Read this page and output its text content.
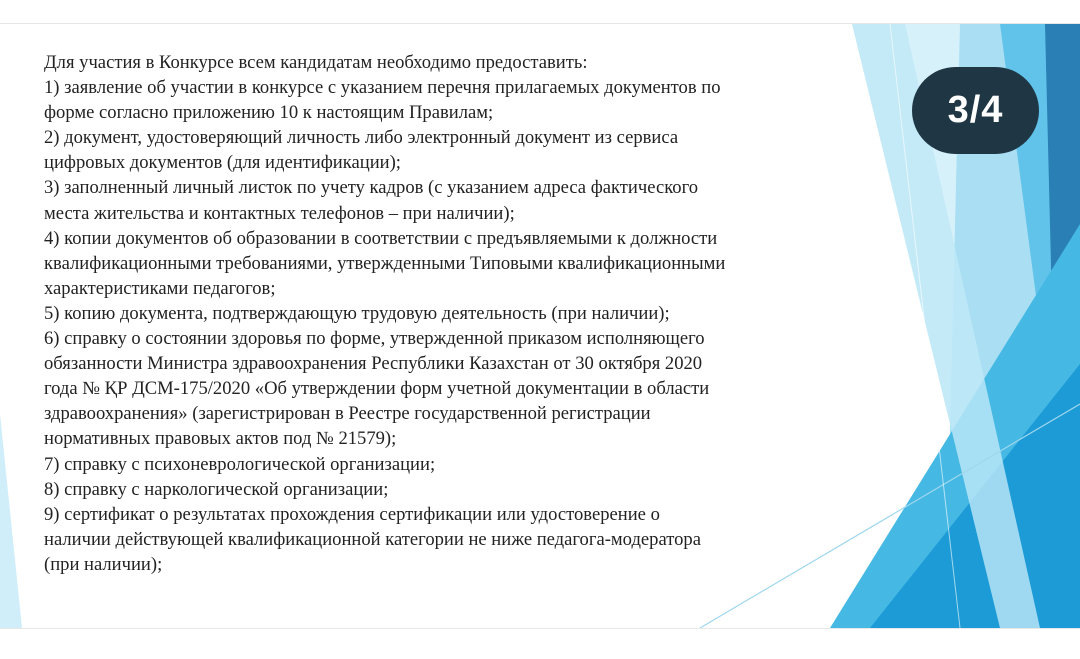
Для участия в Конкурсе всем кандидатам необходимо предоставить:
1) заявление об участии в конкурсе с указанием перечня прилагаемых документов по
форме согласно приложению 10 к настоящим Правилам;
2) документ, удостоверяющий личность либо электронный документ из сервиса
цифровых документов (для идентификации);
3) заполненный личный листок по учету кадров (с указанием адреса фактического
места жительства и контактных телефонов – при наличии);
4) копии документов об образовании в соответствии с предъявляемыми к должности
квалификационными требованиями, утвержденными Типовыми квалификационными
характеристиками педагогов;
5) копию документа, подтверждающую трудовую деятельность (при наличии);
6) справку о состоянии здоровья по форме, утвержденной приказом исполняющего
обязанности Министра здравоохранения Республики Казахстан от 30 октября 2020
года № ҚР ДСМ-175/2020 «Об утверждении форм учетной документации в области
здравоохранения» (зарегистрирован в Реестре государственной регистрации
нормативных правовых актов под № 21579);
7) справку с психоневрологической организации;
8) справку с наркологической организации;
9) сертификат о результатах прохождения сертификации или удостоверение о
наличии действующей квалификационной категории не ниже педагога-модератора
(при наличии);
3/4
